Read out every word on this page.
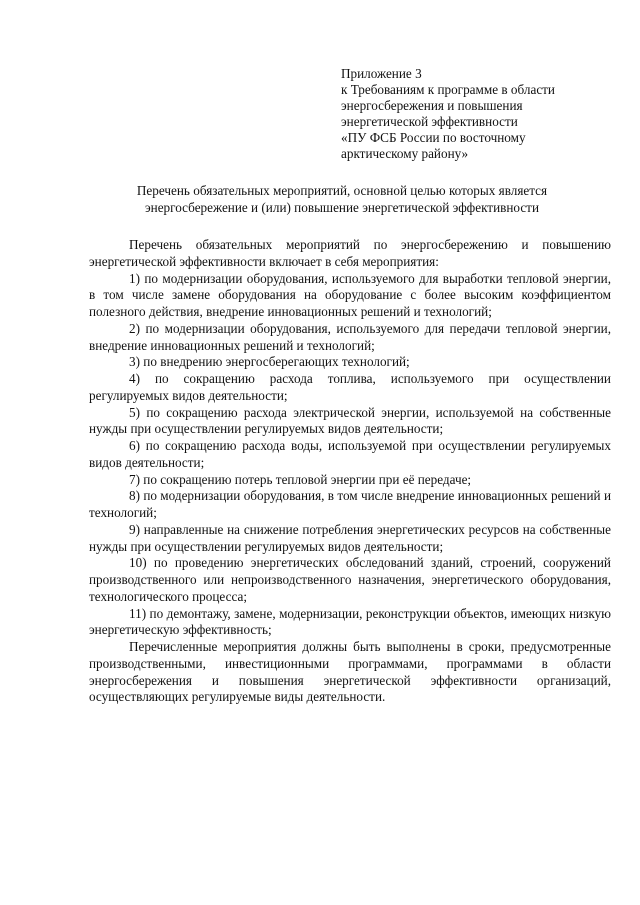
Приложение 3
к Требованиям к программе в области
энергосбережения и повышения
энергетической эффективности
«ПУ ФСБ России по восточному
арктическому району»
Перечень обязательных мероприятий, основной целью которых является
энергосбережение и (или) повышение энергетической эффективности

Перечень обязательных мероприятий по энергосбережению и повышению энергетической эффективности включает в себя мероприятия:

1) по модернизации оборудования, используемого для выработки тепловой энергии, в том числе замене оборудования на оборудование с более высоким коэффициентом полезного действия, внедрение инновационных решений и технологий;

2) по модернизации оборудования, используемого для передачи тепловой энергии, внедрение инновационных решений и технологий;

3) по внедрению энергосберегающих технологий;

4) по сокращению расхода топлива, используемого при осуществлении регулируемых видов деятельности;

5) по сокращению расхода электрической энергии, используемой на собственные нужды при осуществлении регулируемых видов деятельности;

6) по сокращению расхода воды, используемой при осуществлении регулируемых видов деятельности;

7) по сокращению потерь тепловой энергии при её передаче;

8) по модернизации оборудования, в том числе внедрение инновационных решений и технологий;

9) направленные на снижение потребления энергетических ресурсов на собственные нужды при осуществлении регулируемых видов деятельности;

10) по проведению энергетических обследований зданий, строений, сооружений производственного или непроизводственного назначения, энергетического оборудования, технологического процесса;

11) по демонтажу, замене, модернизации, реконструкции объектов, имеющих низкую энергетическую эффективность;

Перечисленные мероприятия должны быть выполнены в сроки, предусмотренные производственными, инвестиционными программами, программами в области энергосбережения и повышения энергетической эффективности организаций, осуществляющих регулируемые виды деятельности.
